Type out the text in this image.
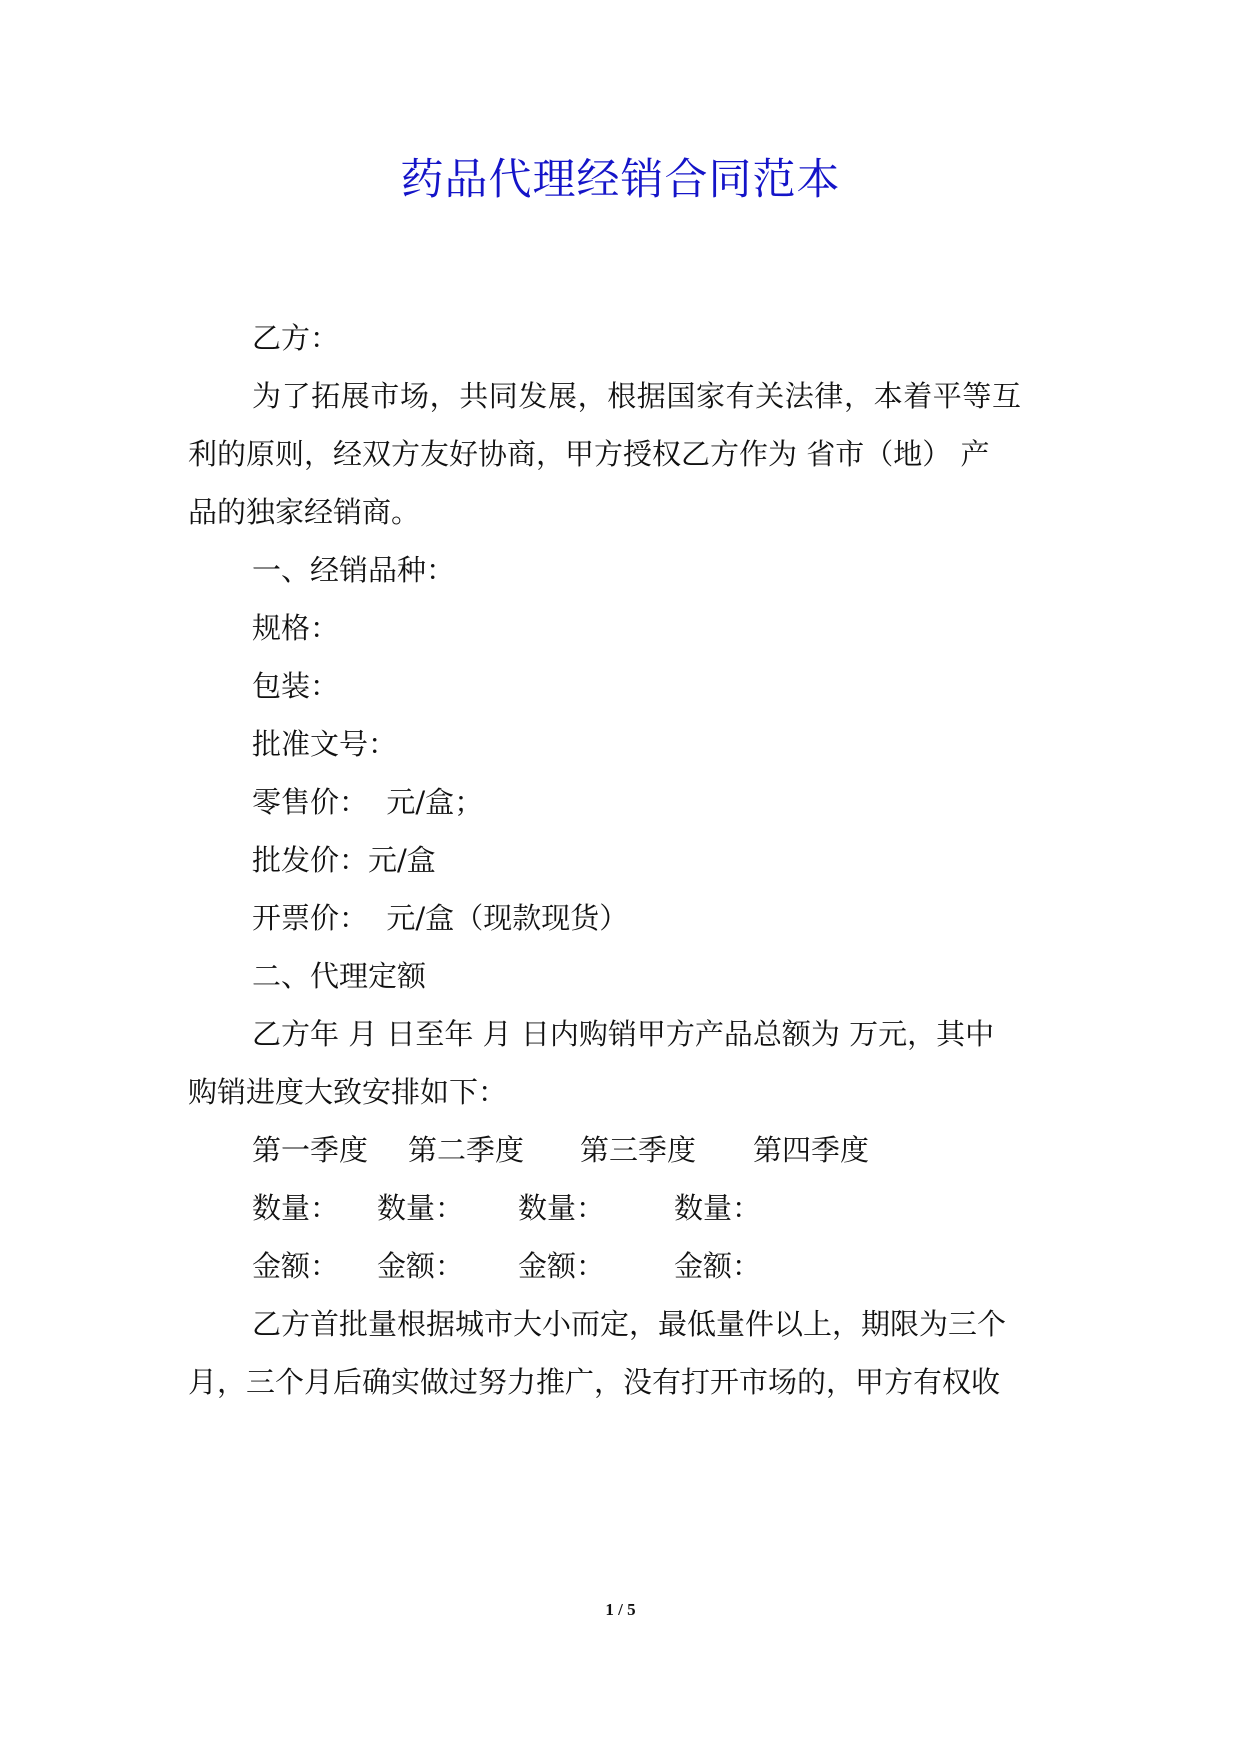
药品代理经销合同范本
乙方：
为了拓展市场，共同发展，根据国家有关法律，本着平等互
利的原则，经双方友好协商，甲方授权乙方作为 省市（地） 产
品的独家经销商。
一、经销品种：
规格：
包装：
批准文号：
零售价：  元/盒；
批发价：元/盒
开票价：  元/盒（现款现货）
二、代理定额
乙方年 月 日至年 月 日内购销甲方产品总额为 万元，其中
购销进度大致安排如下：
第一季度 第二季度 第三季度 第四季度
数量： 数量： 数量： 数量：
金额： 金额： 金额： 金额：
乙方首批量根据城市大小而定，最低量件以上，期限为三个
月，三个月后确实做过努力推广，没有打开市场的，甲方有权收
1 / 5
